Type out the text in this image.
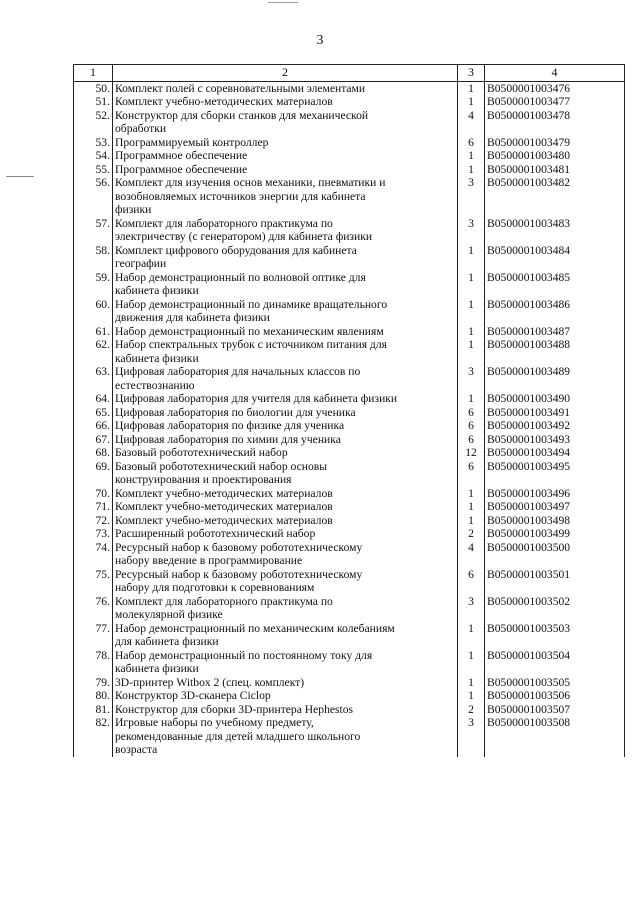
3
1	2	3	4
50.	Комплект полей с соревновательными элементами	1	B0500001003476
51.	Комплект учебно-методических материалов	1	B0500001003477
52.	Конструктор для сборки станков для механической
обработки	4	B0500001003478
53.	Программируемый контроллер	6	B0500001003479
54.	Программное обеспечение	1	B0500001003480
55.	Программное обеспечение	1	B0500001003481
56.	Комплект для изучения основ механики, пневматики и
возобновляемых источников энергии для кабинета
физики	3	B0500001003482
57.	Комплект для лабораторного практикума по
электричеству (с генератором) для кабинета физики	3	B0500001003483
58.	Комплект цифрового оборудования для кабинета
географии	1	B0500001003484
59.	Набор демонстрационный по волновой оптике для
кабинета физики	1	B0500001003485
60.	Набор демонстрационный по динамике вращательного
движения для кабинета физики	1	B0500001003486
61.	Набор демонстрационный по механическим явлениям	1	B0500001003487
62.	Набор спектральных трубок с источником питания для
кабинета физики	1	B0500001003488
63.	Цифровая лаборатория для начальных классов по
естествознанию	3	B0500001003489
64.	Цифровая лаборатория для учителя для кабинета физики	1	B0500001003490
65.	Цифровая лаборатория по биологии для ученика	6	B0500001003491
66.	Цифровая лаборатория по физике для ученика	6	B0500001003492
67.	Цифровая лаборатория по химии для ученика	6	B0500001003493
68.	Базовый робототехнический набор	12	B0500001003494
69.	Базовый робототехнический набор основы
конструирования и проектирования	6	B0500001003495
70.	Комплект учебно-методических материалов	1	B0500001003496
71.	Комплект учебно-методических материалов	1	B0500001003497
72.	Комплект учебно-методических материалов	1	B0500001003498
73.	Расширенный робототехнический набор	2	B0500001003499
74.	Ресурсный набор к базовому робототехническому
набору введение в программирование	4	B0500001003500
75.	Ресурсный набор к базовому робототехническому
набору для подготовки к соревнованиям	6	B0500001003501
76.	Комплект для лабораторного практикума по
молекулярной физике	3	B0500001003502
77.	Набор демонстрационный по механическим колебаниям
для кабинета физики	1	B0500001003503
78.	Набор демонстрационный по постоянному току для
кабинета физики	1	B0500001003504
79.	3D-принтер Witbox 2 (спец. комплект)	1	B0500001003505
80.	Конструктор 3D-сканера Ciclop	1	B0500001003506
81.	Конструктор для сборки 3D-принтера Hephestos	2	B0500001003507
82.	Игровые наборы по учебному предмету,
рекомендованные для детей младшего школьного
возраста	3	B0500001003508
